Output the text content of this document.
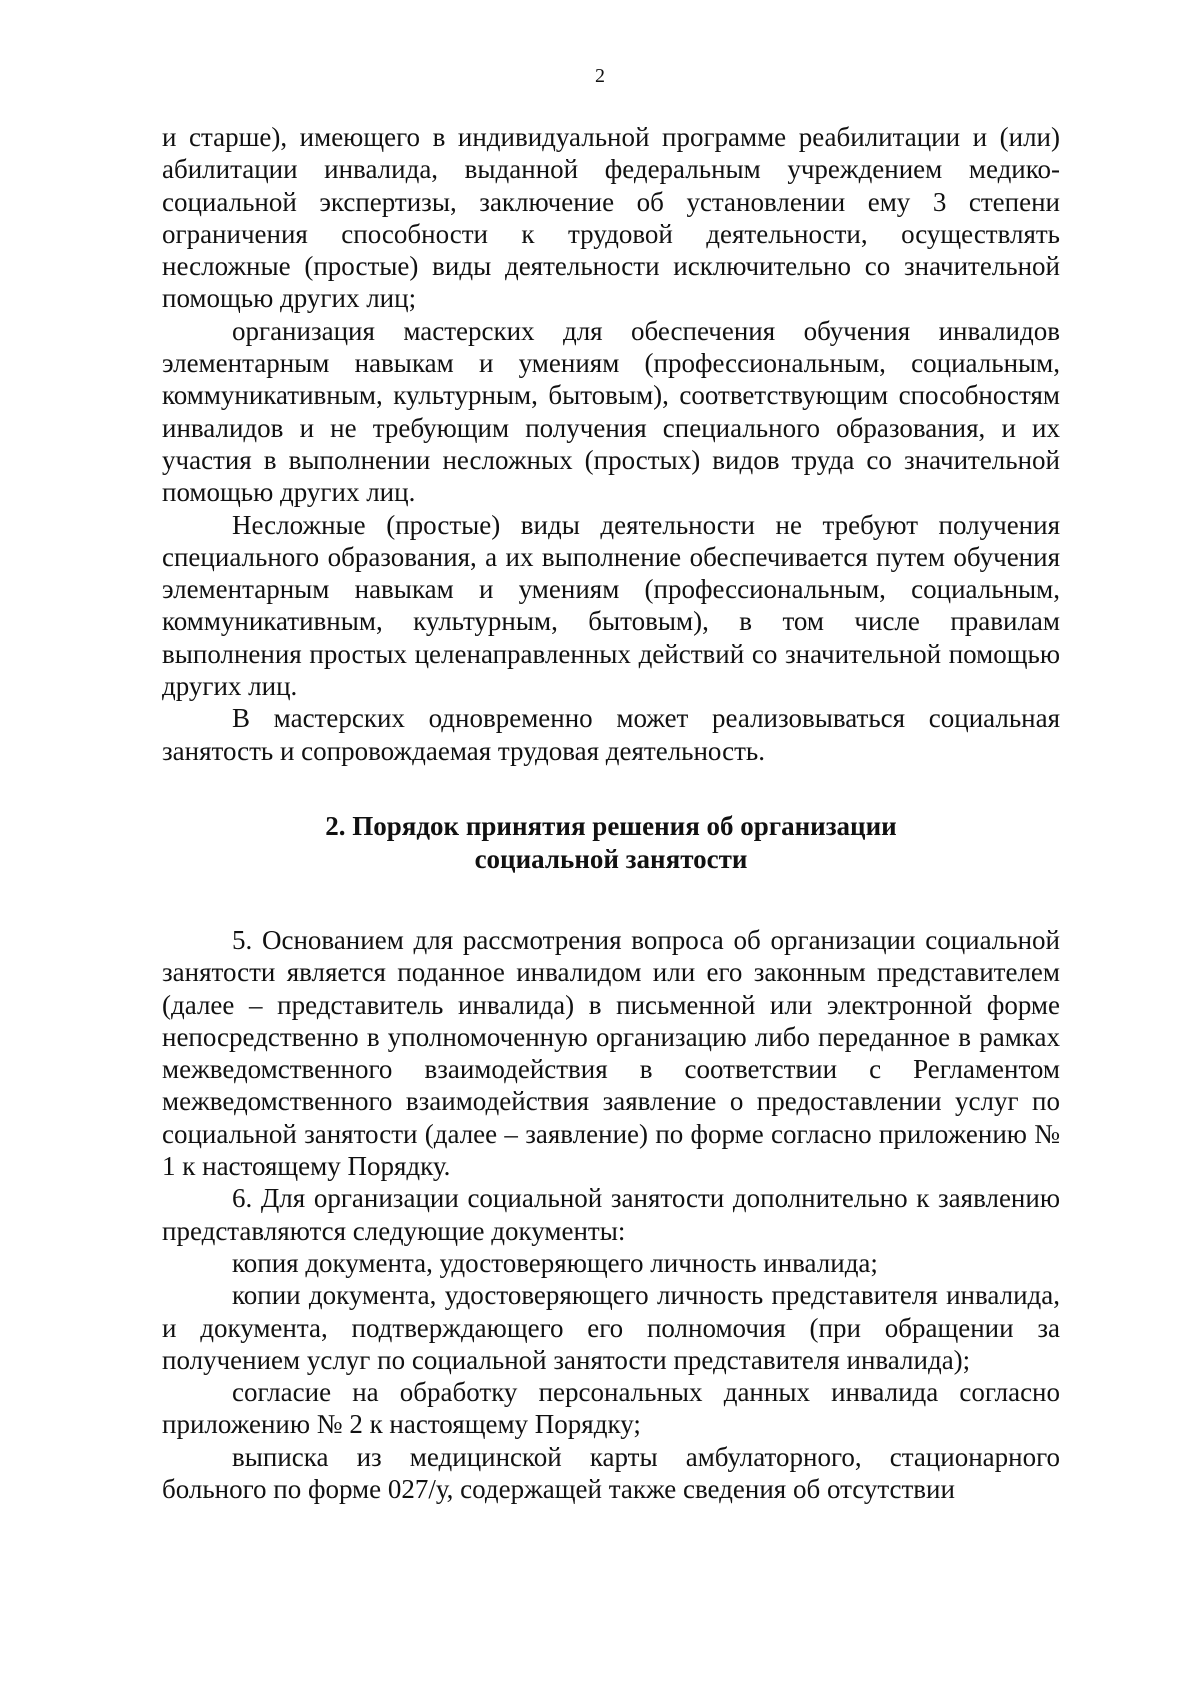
2

и старше), имеющего в индивидуальной программе реабилитации и (или) абилитации инвалида, выданной федеральным учреждением медико-социальной экспертизы, заключение об установлении ему 3 степени ограничения способности к трудовой деятельности, осуществлять несложные (простые) виды деятельности исключительно со значительной помощью других лиц;

организация мастерских для обеспечения обучения инвалидов элементарным навыкам и умениям (профессиональным, социальным, коммуникативным, культурным, бытовым), соответствующим способностям инвалидов и не требующим получения специального образования, и их участия в выполнении несложных (простых) видов труда со значительной помощью других лиц.

Несложные (простые) виды деятельности не требуют получения специального образования, а их выполнение обеспечивается путем обучения элементарным навыкам и умениям (профессиональным, социальным, коммуникативным, культурным, бытовым), в том числе правилам выполнения простых целенаправленных действий со значительной помощью других лиц.

В мастерских одновременно может реализовываться социальная занятость и сопровождаемая трудовая деятельность.

2. Порядок принятия решения об организации
социальной занятости

5. Основанием для рассмотрения вопроса об организации социальной занятости является поданное инвалидом или его законным представителем (далее – представитель инвалида) в письменной или электронной форме непосредственно в уполномоченную организацию либо переданное в рамках межведомственного взаимодействия в соответствии с Регламентом межведомственного взаимодействия заявление о предоставлении услуг по социальной занятости (далее – заявление) по форме согласно приложению № 1 к настоящему Порядку.

6. Для организации социальной занятости дополнительно к заявлению представляются следующие документы:

копия документа, удостоверяющего личность инвалида;

копии документа, удостоверяющего личность представителя инвалида, и документа, подтверждающего его полномочия (при обращении за получением услуг по социальной занятости представителя инвалида);

согласие на обработку персональных данных инвалида согласно приложению № 2 к настоящему Порядку;

выписка из медицинской карты амбулаторного, стационарного больного по форме 027/у, содержащей также сведения об отсутствии
